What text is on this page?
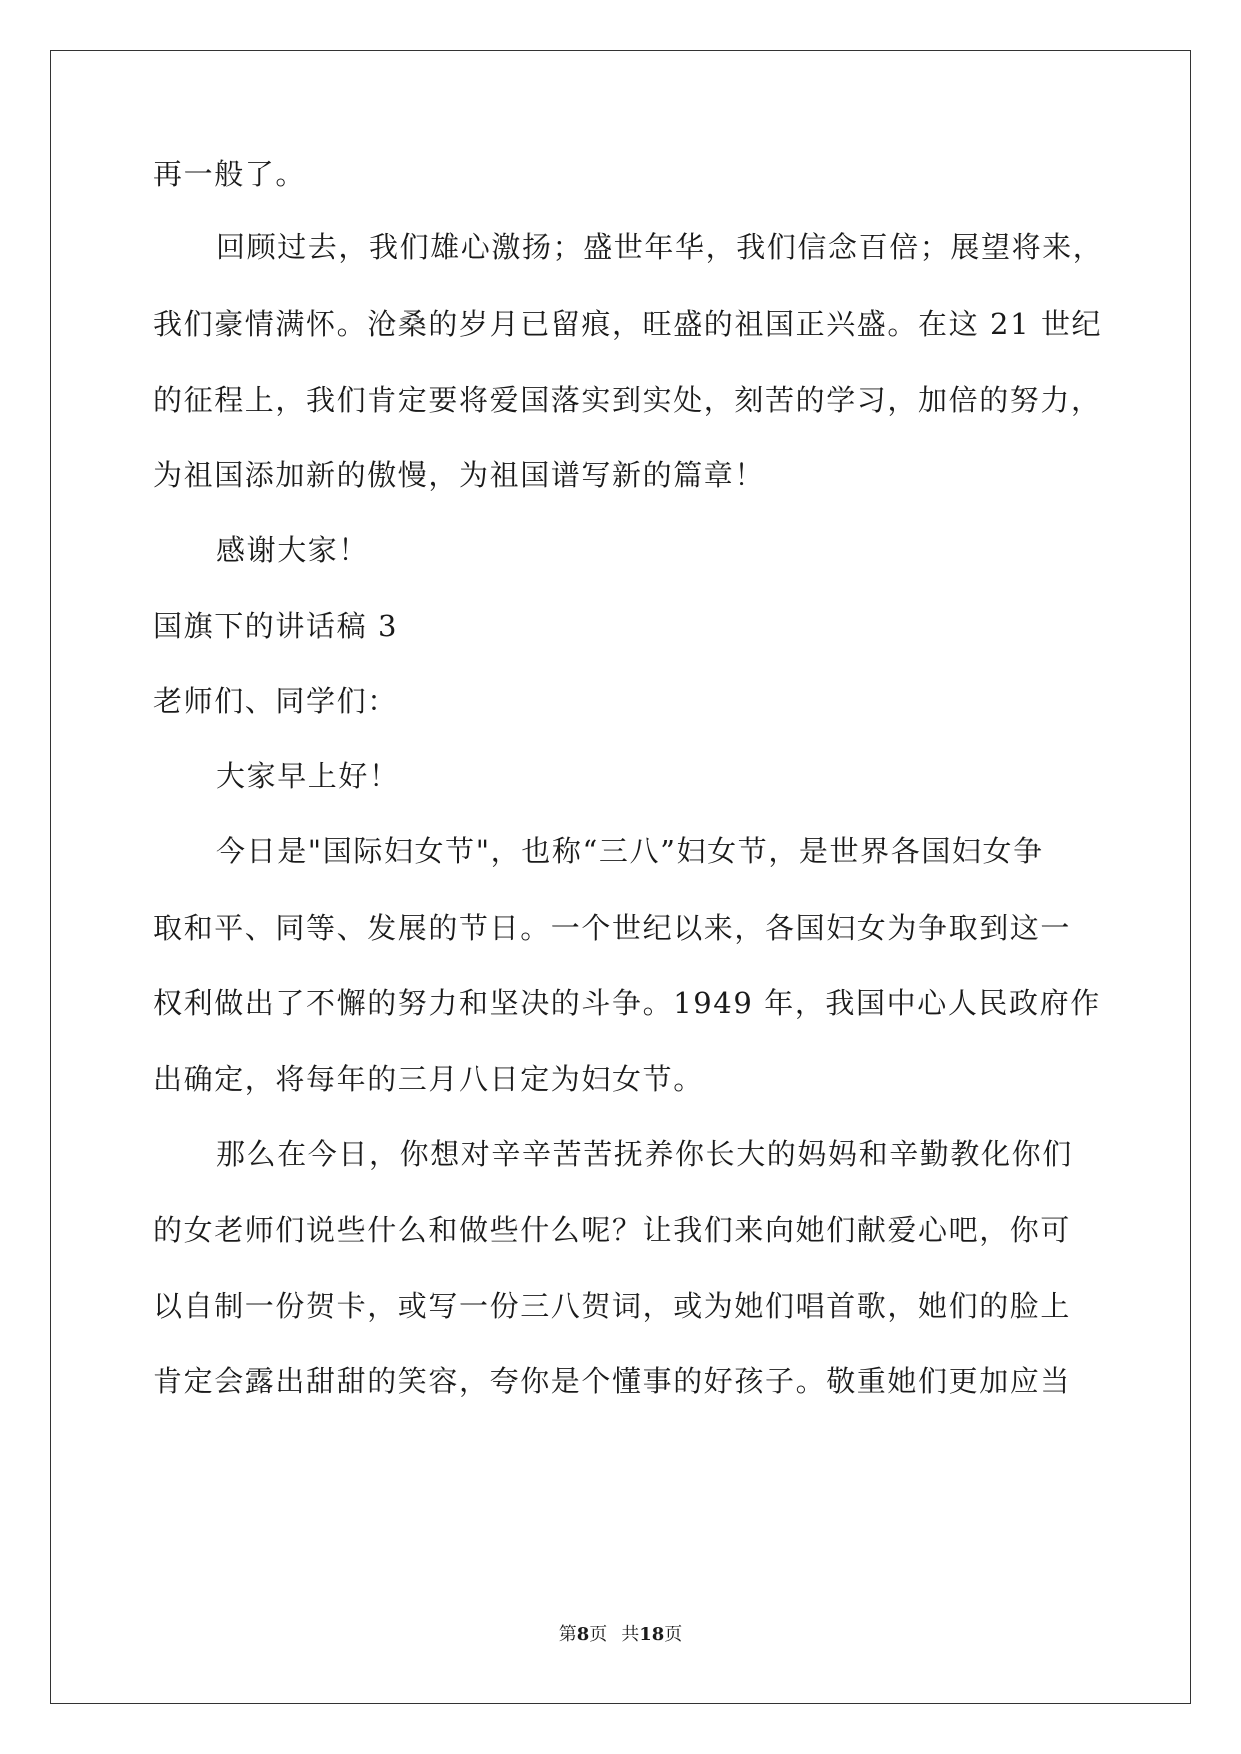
再一般了。
回顾过去，我们雄心激扬；盛世年华，我们信念百倍；展望将来，
我们豪情满怀。沧桑的岁月已留痕，旺盛的祖国正兴盛。在这 21 世纪
的征程上，我们肯定要将爱国落实到实处，刻苦的学习，加倍的努力，
为祖国添加新的傲慢，为祖国谱写新的篇章！
感谢大家！
国旗下的讲话稿 3
老师们、同学们：
大家早上好！
今日是"国际妇女节"，也称“三八”妇女节，是世界各国妇女争
取和平、同等、发展的节日。一个世纪以来，各国妇女为争取到这一
权利做出了不懈的努力和坚决的斗争。1949 年，我国中心人民政府作
出确定，将每年的三月八日定为妇女节。
那么在今日，你想对辛辛苦苦抚养你长大的妈妈和辛勤教化你们
的女老师们说些什么和做些什么呢？让我们来向她们献爱心吧，你可
以自制一份贺卡，或写一份三八贺词，或为她们唱首歌，她们的脸上
肯定会露出甜甜的笑容，夸你是个懂事的好孩子。敬重她们更加应当
第8页 共18页
